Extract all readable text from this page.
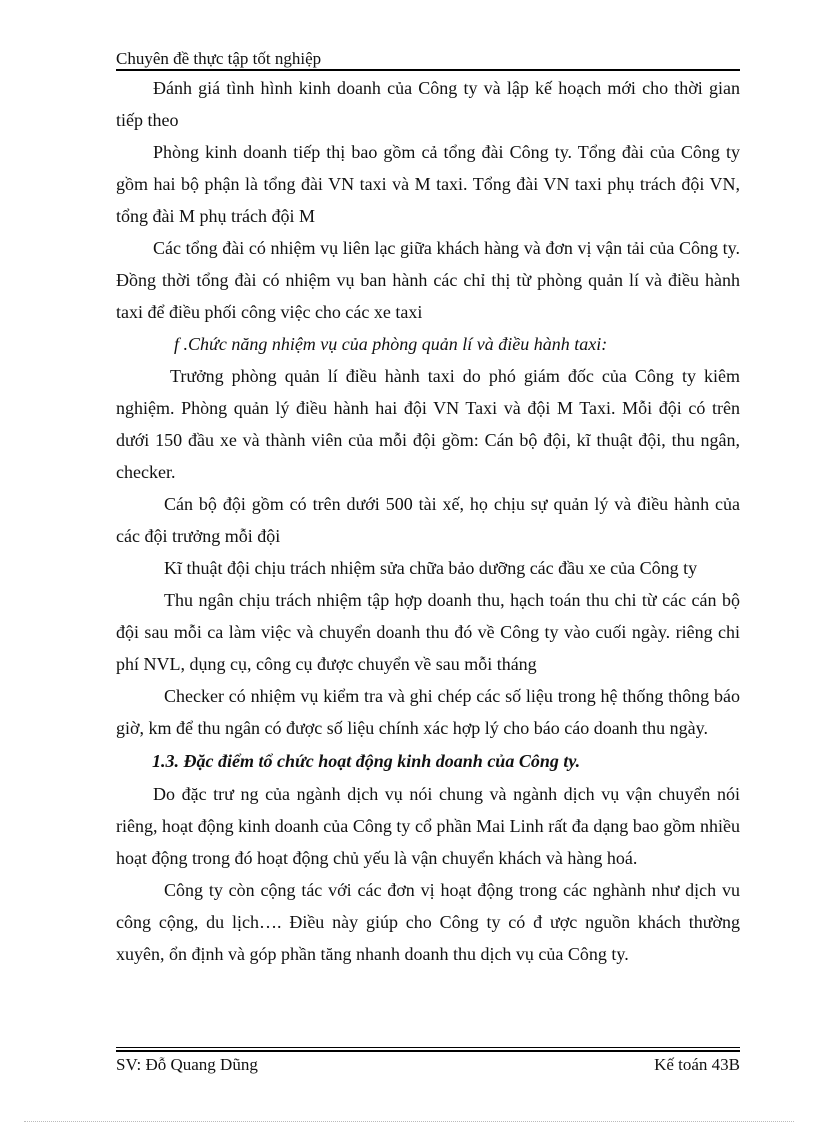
Chuyên đề thực tập tốt nghiệp

Đánh giá tình hình kinh doanh của Công ty và lập kế hoạch mới cho thời gian tiếp theo

Phòng kinh doanh tiếp thị bao gồm cả tổng đài Công ty. Tổng đài của Công ty gồm hai bộ phận là tổng đài VN taxi và M taxi. Tổng đài VN taxi phụ trách đội VN, tổng đài M phụ trách đội M

Các tổng đài có nhiệm vụ liên lạc giữa khách hàng và đơn vị vận tải của Công ty. Đồng thời tổng đài có nhiệm vụ ban hành các chỉ thị từ phòng quản lí và điều hành taxi để điều phối công việc cho các xe taxi

f .Chức năng nhiệm vụ của phòng quản lí và điều hành taxi:

Trưởng phòng quản lí điều hành taxi do phó giám đốc của Công ty kiêm nghiệm. Phòng quản lý điều hành hai đội VN Taxi và đội M Taxi. Mỗi đội có trên dưới 150 đầu xe và thành viên của mỗi đội gồm: Cán bộ đội, kĩ thuật đội, thu ngân, checker.

Cán bộ đội gồm có trên dưới 500 tài xế, họ chịu sự quản lý và điều hành của các đội trưởng mỗi đội

Kĩ thuật đội chịu trách nhiệm sửa chữa bảo dưỡng các đầu xe của Công ty

Thu ngân chịu trách nhiệm tập hợp doanh thu, hạch toán thu chi từ các cán bộ đội sau mỗi ca làm việc và chuyển doanh thu đó về Công ty vào cuối ngày. riêng chi phí NVL, dụng cụ, công cụ được chuyển về sau mỗi tháng

Checker có nhiệm vụ kiểm tra và ghi chép các số liệu trong hệ thống thông báo giờ, km để thu ngân có được số liệu chính xác hợp lý cho báo cáo doanh thu ngày.

1.3. Đặc điểm tổ chức hoạt động kinh doanh của Công ty.

Do đặc trư ng của ngành dịch vụ nói chung và ngành dịch vụ vận chuyển nói riêng, hoạt động kinh doanh của Công ty cổ phần Mai Linh rất đa dạng bao gồm nhiều hoạt động trong đó hoạt động chủ yếu là vận chuyển khách và hàng hoá.

Công ty còn cộng tác với các đơn vị hoạt động trong các nghành như dịch vu công cộng, du lịch…. Điều này giúp cho Công ty có đ ược nguồn khách thường xuyên, ổn định và góp phần tăng nhanh doanh thu dịch vụ của Công ty.

SV: Đỗ Quang Dũng	Kế toán 43B
